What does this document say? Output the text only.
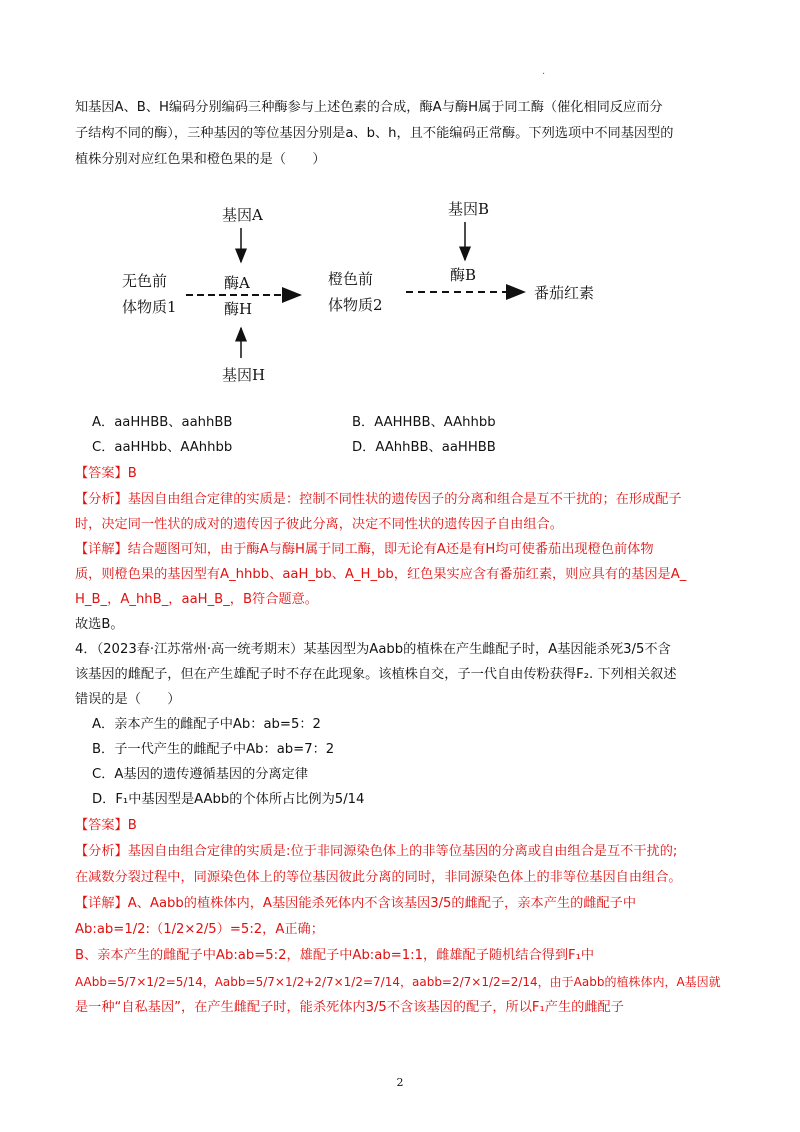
·
知基因A、B、H编码分别编码三种酶参与上述色素的合成，酶A与酶H属于同工酶（催化相同反应而分
子结构不同的酶），三种基因的等位基因分别是a、b、h，且不能编码正常酶。下列选项中不同基因型的
植株分别对应红色果和橙色果的是（　　）
基因A
酶A
酶H
基因H
无色前
体物质1
橙色前
体物质2
基因B
酶B
番茄红素
A．aaHHBB、aahhBB	B．AAHHBB、AAhhbb
C．aaHHbb、AAhhbb	D．AAhhBB、aaHHBB
【答案】B
【分析】基因自由组合定律的实质是：控制不同性状的遗传因子的分离和组合是互不干扰的；在形成配子
时，决定同一性状的成对的遗传因子彼此分离，决定不同性状的遗传因子自由组合。
【详解】结合题图可知，由于酶A与酶H属于同工酶，即无论有A还是有H均可使番茄出现橙色前体物
质，则橙色果的基因型有A_hhbb、aaH_bb、A_H_bb，红色果实应含有番茄红素，则应具有的基因是A_
H_B_，A_hhB_，aaH_B_，B符合题意。
故选B。
4．（2023春·江苏常州·高一统考期末）某基因型为Aabb的植株在产生雌配子时，A基因能杀死3/5不含
该基因的雌配子，但在产生雄配子时不存在此现象。该植株自交，子一代自由传粉获得F₂. 下列相关叙述
错误的是（　　）
A．亲本产生的雌配子中Ab：ab=5：2
B．子一代产生的雌配子中Ab：ab=7：2
C．A基因的遗传遵循基因的分离定律
D．F₁中基因型是AAbb的个体所占比例为5/14
【答案】B
【分析】基因自由组合定律的实质是:位于非同源染色体上的非等位基因的分离或自由组合是互不干扰的;
在减数分裂过程中，同源染色体上的等位基因彼此分离的同时，非同源染色体上的非等位基因自由组合。
【详解】A、Aabb的植株体内，A基因能杀死体内不含该基因3/5的雌配子，亲本产生的雌配子中
Ab:ab=1/2:（1/2×2/5）=5:2，A正确；
B、亲本产生的雌配子中Ab:ab=5:2，雄配子中Ab:ab=1:1，雌雄配子随机结合得到F₁中
AAbb=5/7×1/2=5/14，Aabb=5/7×1/2+2/7×1/2=7/14，aabb=2/7×1/2=2/14，由于Aabb的植株体内，A基因就
是一种“自私基因”，在产生雌配子时，能杀死体内3/5不含该基因的配子，所以F₁产生的雌配子
2
